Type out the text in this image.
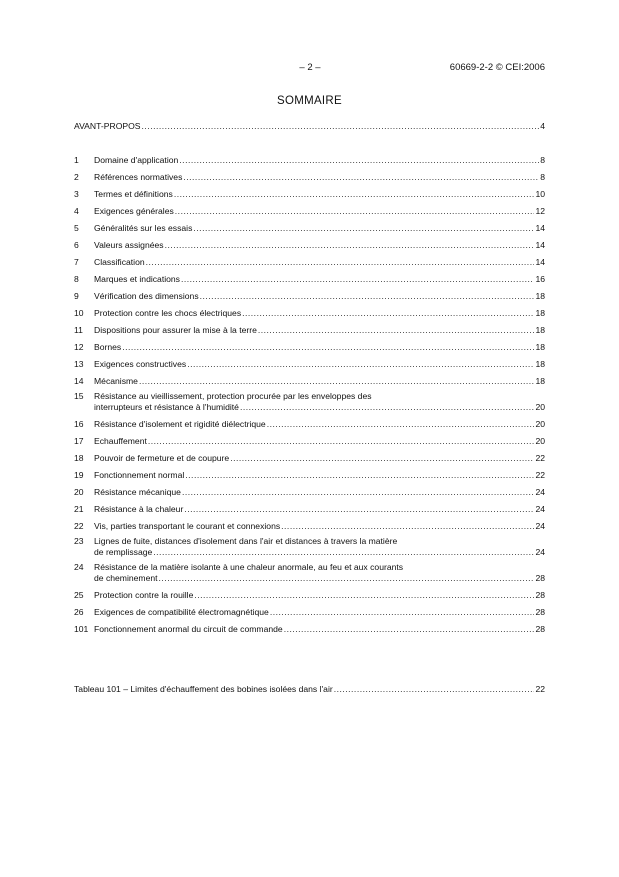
– 2 –	60669-2-2 © CEI:2006
SOMMAIRE
AVANT-PROPOS .....	4
1	Domaine d'application .....	8
2	Références normatives .....	8
3	Termes et définitions .....	10
4	Exigences générales .....	12
5	Généralités sur les essais .....	14
6	Valeurs assignées .....	14
7	Classification .....	14
8	Marques et indications .....	16
9	Vérification des dimensions .....	18
10	Protection contre les chocs électriques .....	18
11	Dispositions pour assurer la mise à la terre .....	18
12	Bornes .....	18
13	Exigences constructives .....	18
14	Mécanisme .....	18
15	Résistance au vieillissement, protection procurée par les enveloppes des
interrupteurs et résistance à l'humidité .....	20
16	Résistance d'isolement et rigidité diélectrique .....	20
17	Echauffement .....	20
18	Pouvoir de fermeture et de coupure .....	22
19	Fonctionnement normal .....	22
20	Résistance mécanique .....	24
21	Résistance à la chaleur .....	24
22	Vis, parties transportant le courant et connexions .....	24
23	Lignes de fuite, distances d'isolement dans l'air et distances à travers la matière
de remplissage .....	24
24	Résistance de la matière isolante à une chaleur anormale, au feu et aux courants
de cheminement .....	28
25	Protection contre la rouille .....	28
26	Exigences de compatibilité électromagnétique .....	28
101 Fonctionnement anormal du circuit de commande .....	28
Tableau 101 – Limites d'échauffement des bobines isolées dans l'air .....	22
